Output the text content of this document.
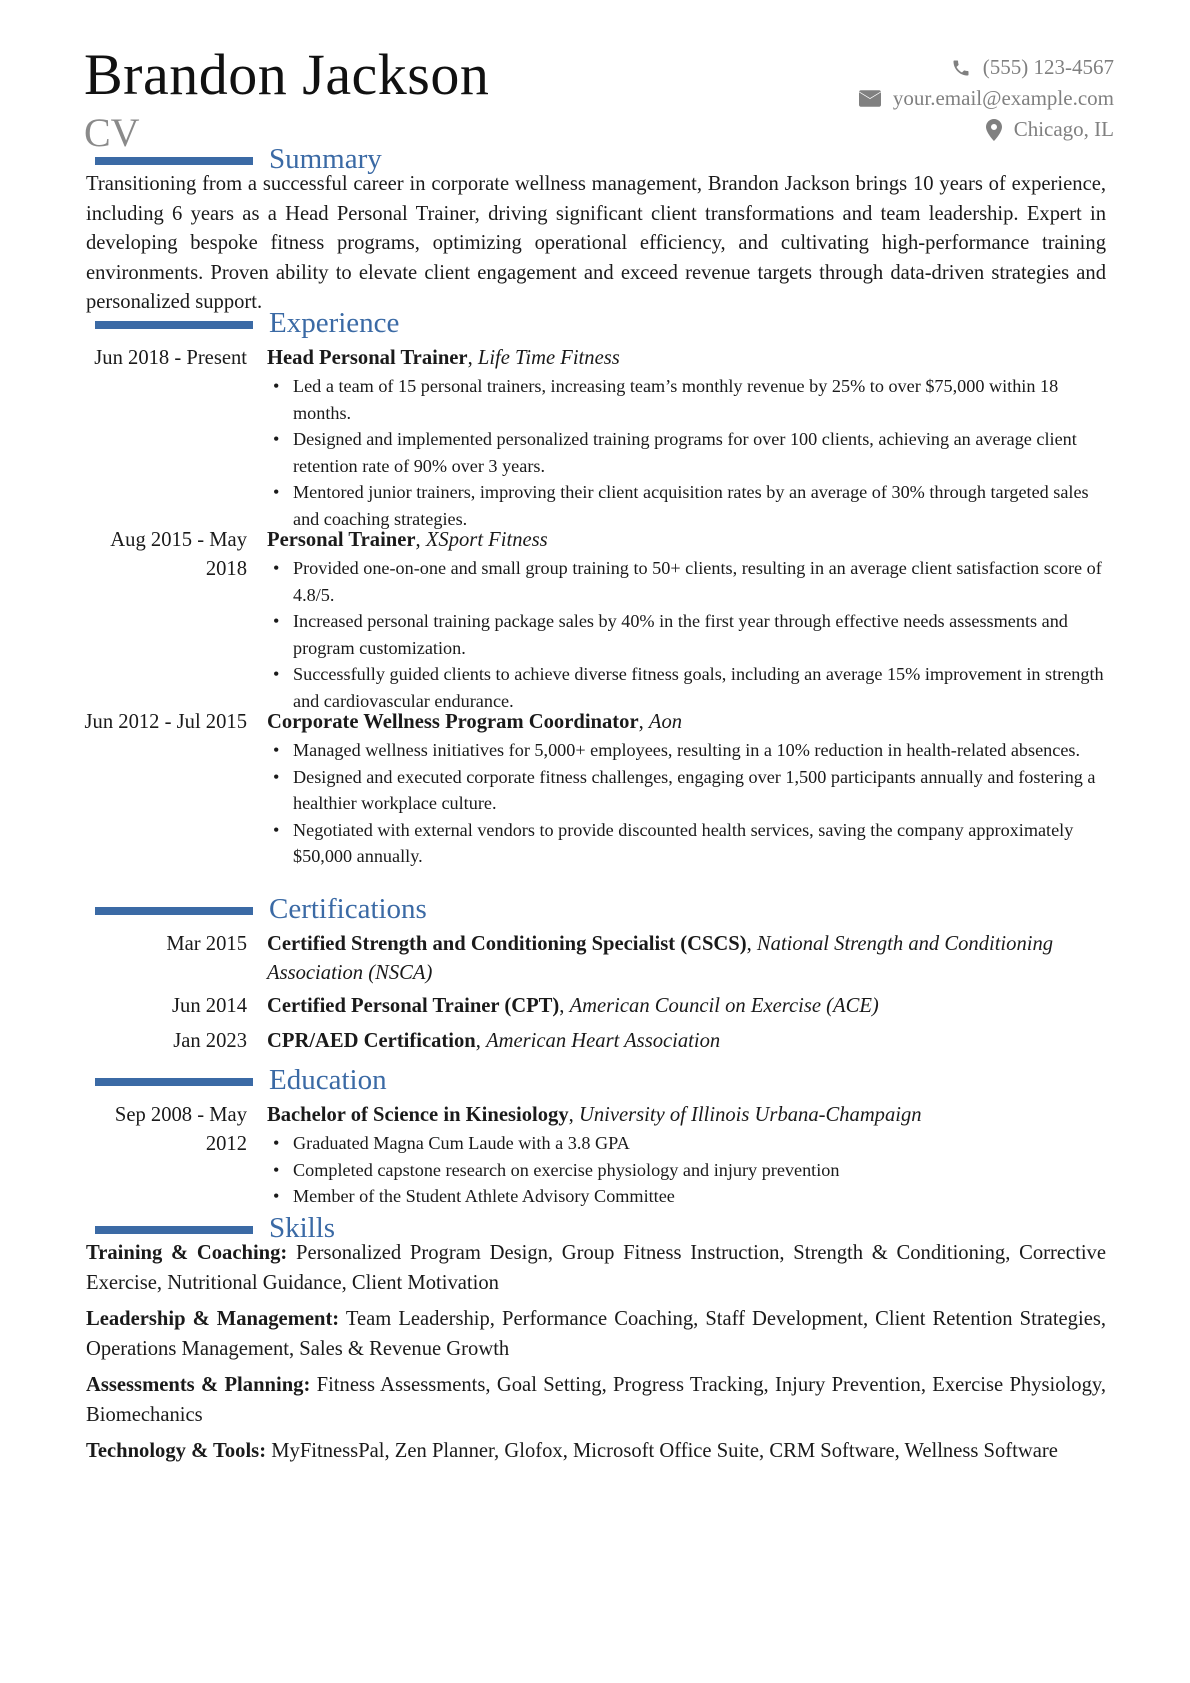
Brandon Jackson
CV
(555) 123-4567
your.email@example.com
Chicago, IL
Summary
Transitioning from a successful career in corporate wellness management, Brandon Jackson brings 10 years of experience, including 6 years as a Head Personal Trainer, driving significant client transformations and team leadership. Expert in developing bespoke fitness programs, optimizing operational efficiency, and cultivating high-performance training environments. Proven ability to elevate client engagement and exceed revenue targets through data-driven strategies and personalized support.
Experience
Jun 2018 - Present Head Personal Trainer, Life Time Fitness
• Led a team of 15 personal trainers, increasing team’s monthly revenue by 25% to over $75,000 within 18 months.
• Designed and implemented personalized training programs for over 100 clients, achieving an average client retention rate of 90% over 3 years.
• Mentored junior trainers, improving their client acquisition rates by an average of 30% through targeted sales and coaching strategies.
Aug 2015 - May 2018
Personal Trainer, XSport Fitness
• Provided one-on-one and small group training to 50+ clients, resulting in an average client satisfaction score of 4.8/5.
• Increased personal training package sales by 40% in the first year through effective needs assessments and program customization.
• Successfully guided clients to achieve diverse fitness goals, including an average 15% improvement in strength and cardiovascular endurance.
Jun 2012 - Jul 2015 Corporate Wellness Program Coordinator, Aon
• Managed wellness initiatives for 5,000+ employees, resulting in a 10% reduction in health-related absences.
• Designed and executed corporate fitness challenges, engaging over 1,500 participants annually and fostering a healthier workplace culture.
• Negotiated with external vendors to provide discounted health services, saving the company approximately $50,000 annually.
Certifications
Mar 2015 Certified Strength and Conditioning Specialist (CSCS), National Strength and Conditioning Association (NSCA)
Jun 2014 Certified Personal Trainer (CPT), American Council on Exercise (ACE)
Jan 2023 CPR/AED Certification, American Heart Association
Education
Sep 2008 - May 2012
Bachelor of Science in Kinesiology, University of Illinois Urbana-Champaign
• Graduated Magna Cum Laude with a 3.8 GPA
• Completed capstone research on exercise physiology and injury prevention
• Member of the Student Athlete Advisory Committee
Skills
Training & Coaching: Personalized Program Design, Group Fitness Instruction, Strength & Conditioning, Corrective Exercise, Nutritional Guidance, Client Motivation
Leadership & Management: Team Leadership, Performance Coaching, Staff Development, Client Retention Strategies, Operations Management, Sales & Revenue Growth
Assessments & Planning: Fitness Assessments, Goal Setting, Progress Tracking, Injury Prevention, Exercise Physiology, Biomechanics
Technology & Tools: MyFitnessPal, Zen Planner, Glofox, Microsoft Office Suite, CRM Software, Wellness Software
